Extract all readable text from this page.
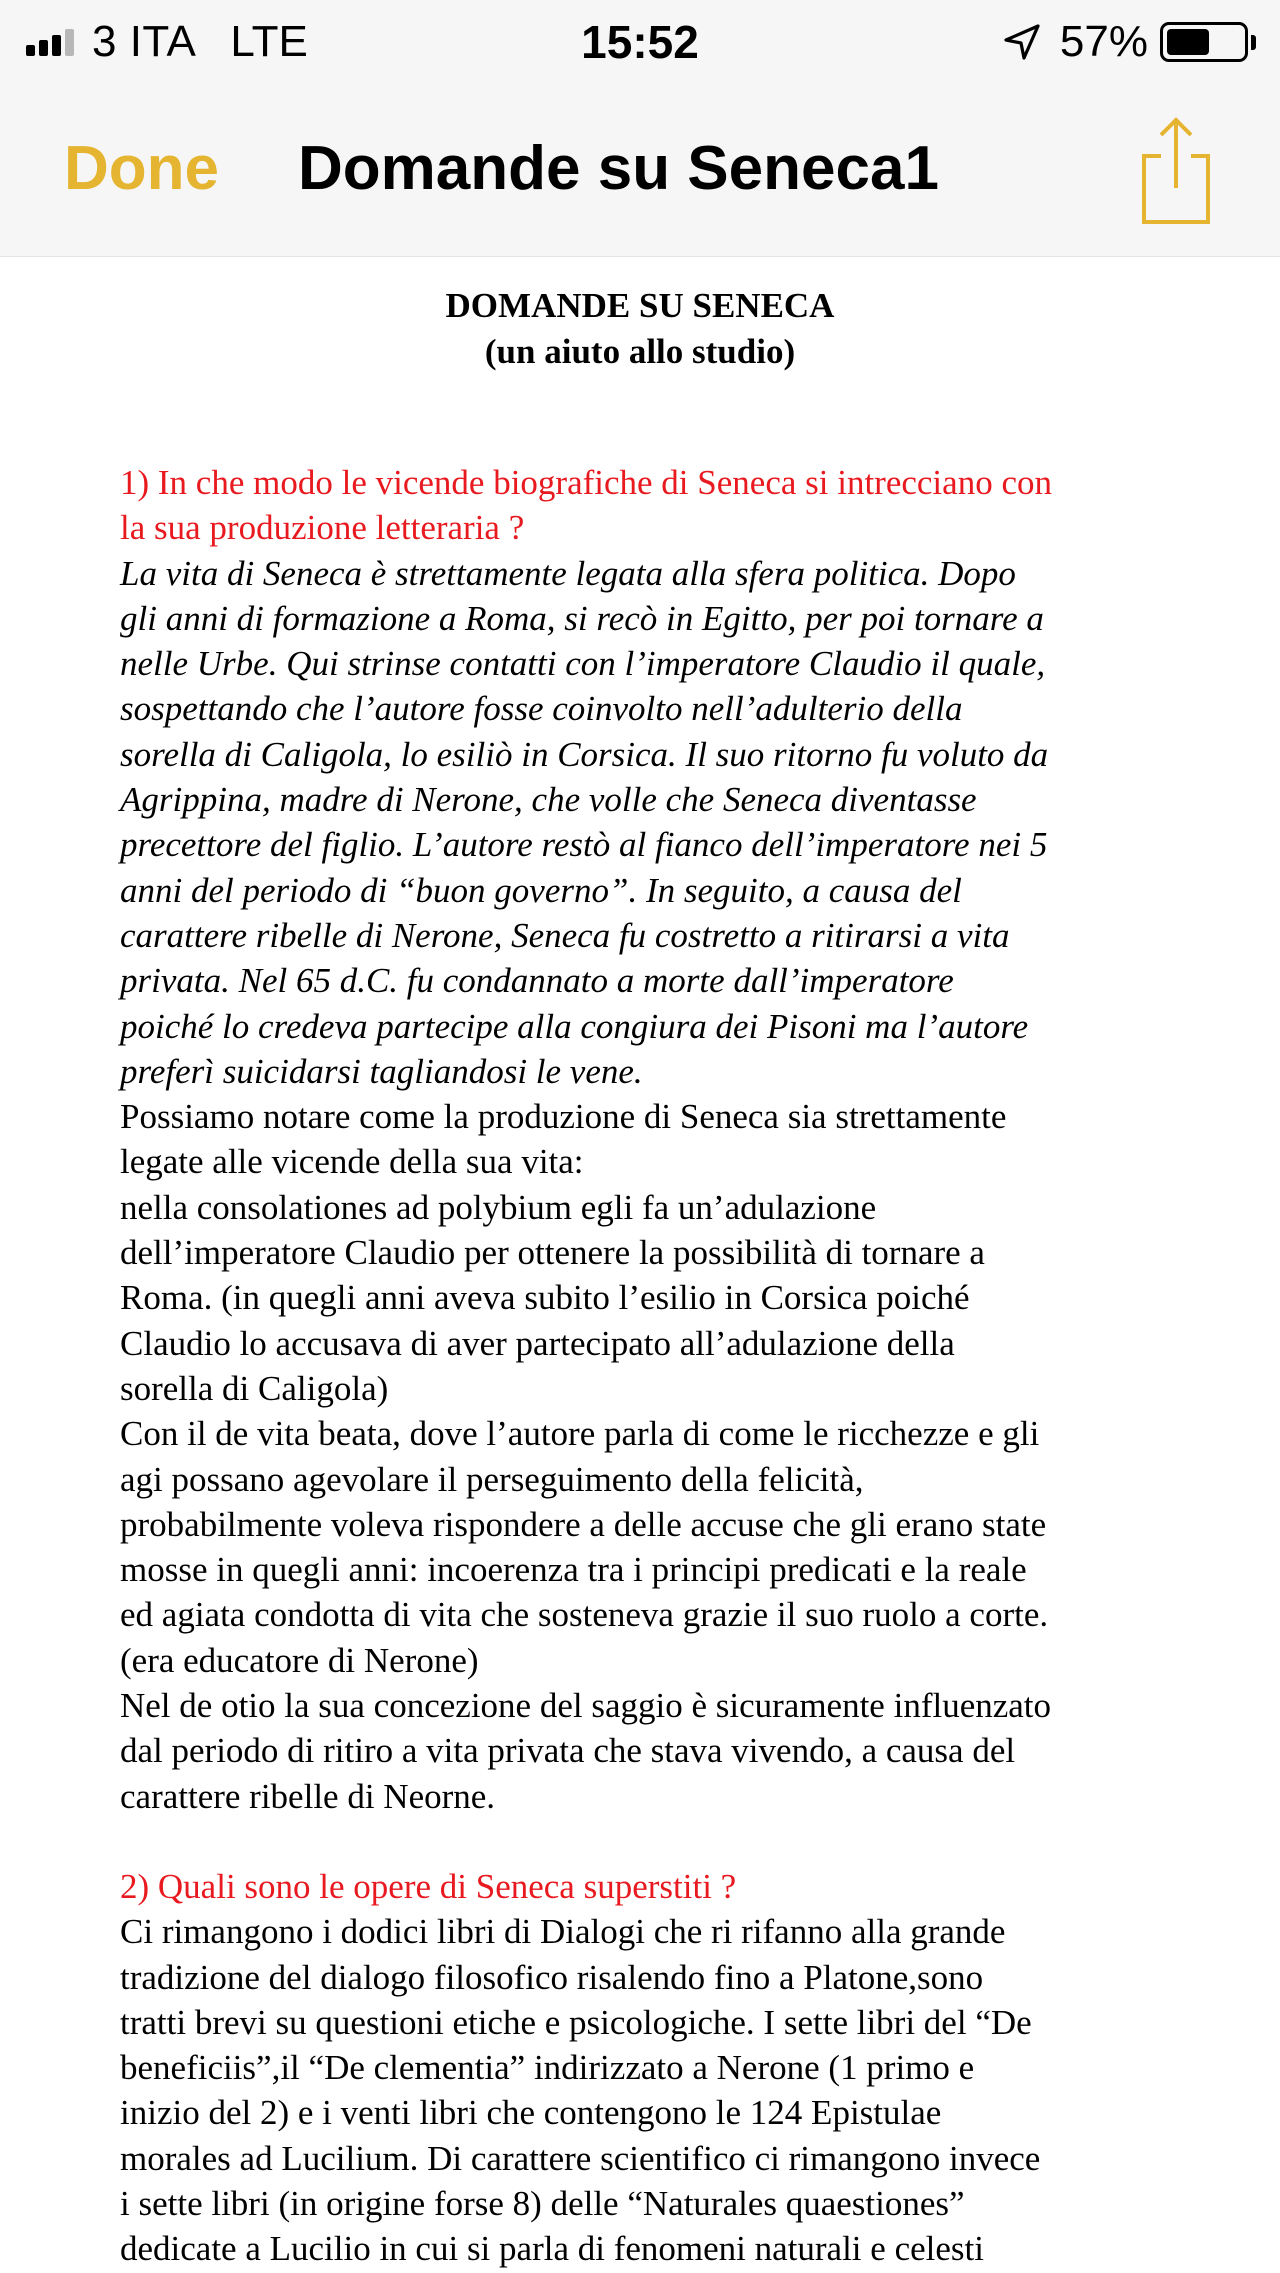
3 ITA LTE	15:52	57%
Done Domande su Seneca1
DOMANDE SU SENECA
(un aiuto allo studio)

1) In che modo le vicende biografiche di Seneca si intrecciano con

la sua produzione letteraria ?

La vita di Seneca è strettamente legata alla sfera politica. Dopo

gli anni di formazione a Roma, si recò in Egitto, per poi tornare a

nelle Urbe. Qui strinse contatti con l’imperatore Claudio il quale,

sospettando che l’autore fosse coinvolto nell’adulterio della

sorella di Caligola, lo esiliò in Corsica. Il suo ritorno fu voluto da

Agrippina, madre di Nerone, che volle che Seneca diventasse

precettore del figlio. L’autore restò al fianco dell’imperatore nei 5

anni del periodo di “buon governo”. In seguito, a causa del

carattere ribelle di Nerone, Seneca fu costretto a ritirarsi a vita

privata. Nel 65 d.C. fu condannato a morte dall’imperatore

poiché lo credeva partecipe alla congiura dei Pisoni ma l’autore

preferì suicidarsi tagliandosi le vene.

Possiamo notare come la produzione di Seneca sia strettamente

legate alle vicende della sua vita:

nella consolationes ad polybium egli fa un’adulazione

dell’imperatore Claudio per ottenere la possibilità di tornare a

Roma. (in quegli anni aveva subito l’esilio in Corsica poiché

Claudio lo accusava di aver partecipato all’adulazione della

sorella di Caligola)

Con il de vita beata, dove l’autore parla di come le ricchezze e gli

agi possano agevolare il perseguimento della felicità,

probabilmente voleva rispondere a delle accuse che gli erano state

mosse in quegli anni: incoerenza tra i principi predicati e la reale

ed agiata condotta di vita che sosteneva grazie il suo ruolo a corte.

(era educatore di Nerone)

Nel de otio la sua concezione del saggio è sicuramente influenzato

dal periodo di ritiro a vita privata che stava vivendo, a causa del

carattere ribelle di Neorne.

2) Quali sono le opere di Seneca superstiti ?

Ci rimangono i dodici libri di Dialogi che ri rifanno alla grande

tradizione del dialogo filosofico risalendo fino a Platone,sono

tratti brevi su questioni etiche e psicologiche. I sette libri del “De

beneficiis”,il “De clementia” indirizzato a Nerone (1 primo e

inizio del 2) e i venti libri che contengono le 124 Epistulae

morales ad Lucilium. Di carattere scientifico ci rimangono invece

i sette libri (in origine forse 8) delle “Naturales quaestiones”

dedicate a Lucilio in cui si parla di fenomeni naturali e celesti
